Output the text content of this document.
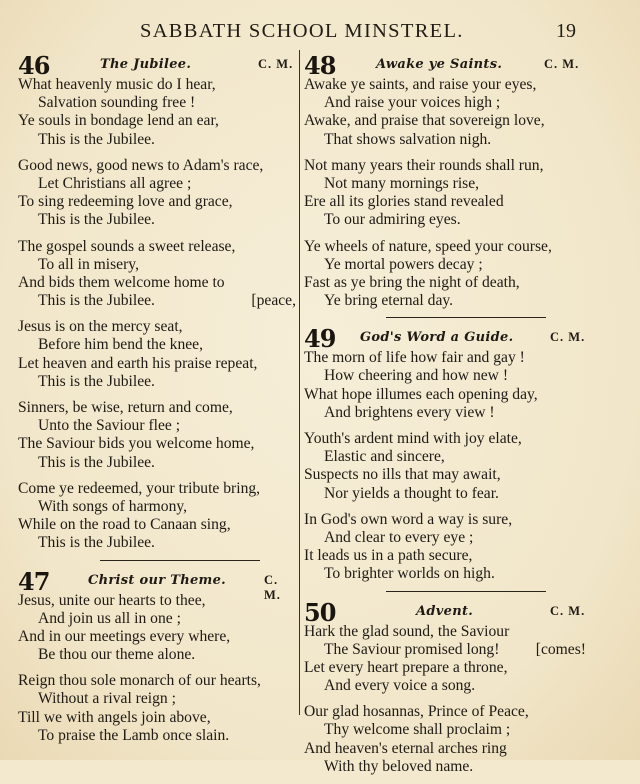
SABBATH SCHOOL MINSTREL.	19
46	The Jubilee.	C. M.
What heavenly music do I hear,
Salvation sounding free !
Ye souls in bondage lend an ear,
This is the Jubilee.
Good news, good news to Adam's race,
Let Christians all agree ;
To sing redeeming love and grace,
This is the Jubilee.
The gospel sounds a sweet release,
To all in misery,
And bids them welcome home to
This is the Jubilee.	[peace,
Jesus is on the mercy seat,
Before him bend the knee,
Let heaven and earth his praise repeat,
This is the Jubilee.
Sinners, be wise, return and come,
Unto the Saviour flee ;
The Saviour bids you welcome home,
This is the Jubilee.
Come ye redeemed, your tribute bring,
With songs of harmony,
While on the road to Canaan sing,
This is the Jubilee.
47	Christ our Theme.	C. M.
Jesus, unite our hearts to thee,
And join us all in one ;
And in our meetings every where,
Be thou our theme alone.
Reign thou sole monarch of our hearts,
Without a rival reign ;
Till we with angels join above,
To praise the Lamb once slain.
48	Awake ye Saints.	C. M.
Awake ye saints, and raise your eyes,
And raise your voices high ;
Awake, and praise that sovereign love,
That shows salvation nigh.
Not many years their rounds shall run,
Not many mornings rise,
Ere all its glories stand revealed
To our admiring eyes.
Ye wheels of nature, speed your course,
Ye mortal powers decay ;
Fast as ye bring the night of death,
Ye bring eternal day.
49 God's Word a Guide.	C. M.
The morn of life how fair and gay !
How cheering and how new !
What hope illumes each opening day,
And brightens every view !
Youth's ardent mind with joy elate,
Elastic and sincere,
Suspects no ills that may await,
Nor yields a thought to fear.
In God's own word a way is sure,
And clear to every eye ;
It leads us in a path secure,
To brighter worlds on high.
50	Advent.	C. M.
Hark the glad sound, the Saviour
The Saviour promised long! [comes!
Let every heart prepare a throne,
And every voice a song.
Our glad hosannas, Prince of Peace,
Thy welcome shall proclaim ;
And heaven's eternal arches ring
With thy beloved name.
